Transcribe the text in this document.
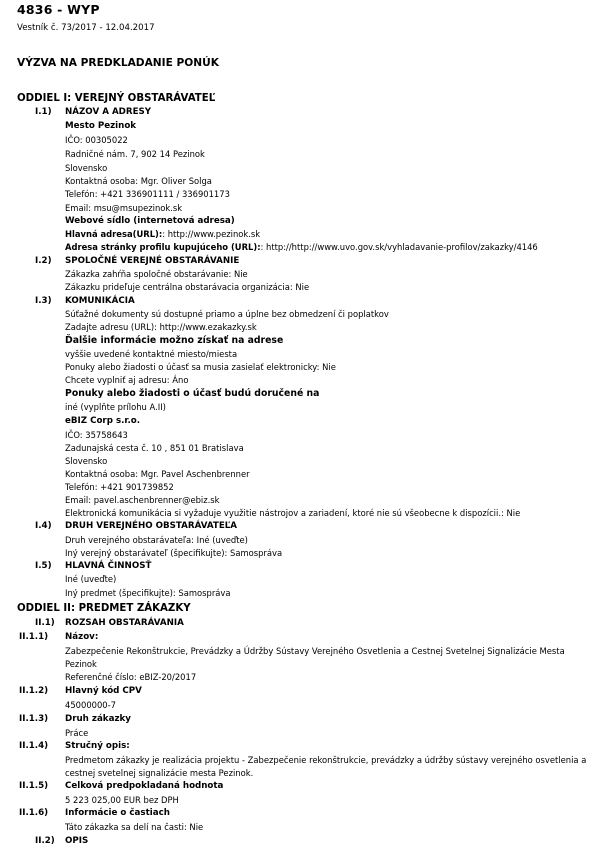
4836 - WYP
Vestník č. 73/2017 - 12.04.2017
VÝZVA NA PREDKLADANIE PONÚK
ODDIEL I: VEREJNÝ OBSTARÁVATEĽ
I.1) NÁZOV A ADRESY
Mesto Pezinok
IČO: 00305022
Radničné nám. 7, 902 14 Pezinok
Slovensko
Kontaktná osoba: Mgr. Oliver Solga
Telefón: +421 336901111 / 336901173
Email: msu@msupezinok.sk
Webové sídlo (internetová adresa)
Hlavná adresa(URL):: http://www.pezinok.sk
Adresa stránky profilu kupujúceho (URL):: http://http://www.uvo.gov.sk/vyhladavanie-profilov/zakazky/4146
I.2) SPOLOČNÉ VEREJNÉ OBSTARÁVANIE
Zákazka zahŕňa spoločné obstarávanie: Nie
Zákazku prideľuje centrálna obstarávacia organizácia: Nie
I.3) KOMUNIKÁCIA
Súťažné dokumenty sú dostupné priamo a úplne bez obmedzení či poplatkov
Zadajte adresu (URL): http://www.ezakazky.sk
Ďalšie informácie možno získať na adrese
vyššie uvedené kontaktné miesto/miesta
Ponuky alebo žiadosti o účasť sa musia zasielať elektronicky: Nie
Chcete vyplniť aj adresu: Áno
Ponuky alebo žiadosti o účasť budú doručené na
iné (vyplňte prílohu A.II)
eBIZ Corp s.r.o.
IČO: 35758643
Zadunajská cesta č. 10 , 851 01 Bratislava
Slovensko
Kontaktná osoba: Mgr. Pavel Aschenbrenner
Telefón: +421 901739852
Email: pavel.aschenbrenner@ebiz.sk
Elektronická komunikácia si vyžaduje využitie nástrojov a zariadení, ktoré nie sú všeobecne k dispozícii.: Nie
I.4) DRUH VEREJNÉHO OBSTARÁVATEĽA
Druh verejného obstarávateľa: Iné (uveďte)
Iný verejný obstarávateľ (špecifikujte): Samospráva
I.5) HLAVNÁ ČINNOSŤ
Iné (uveďte)
Iný predmet (špecifikujte): Samospráva
ODDIEL II: PREDMET ZÁKAZKY
II.1) ROZSAH OBSTARÁVANIA
II.1.1) Názov:
Zabezpečenie Rekonštrukcie, Prevádzky a Údržby Sústavy Verejného Osvetlenia a Cestnej Svetelnej Signalizácie Mesta Pezinok
Referenčné číslo: eBIZ-20/2017
II.1.2) Hlavný kód CPV
45000000-7
II.1.3) Druh zákazky
Práce
II.1.4) Stručný opis:
Predmetom zákazky je realizácia projektu - Zabezpečenie rekonštrukcie, prevádzky a údržby sústavy verejného osvetlenia a cestnej svetelnej signalizácie mesta Pezinok.
II.1.5) Celková predpokladaná hodnota
5 223 025,00 EUR bez DPH
II.1.6) Informácie o častiach
Táto zákazka sa delí na časti: Nie
II.2) OPIS
